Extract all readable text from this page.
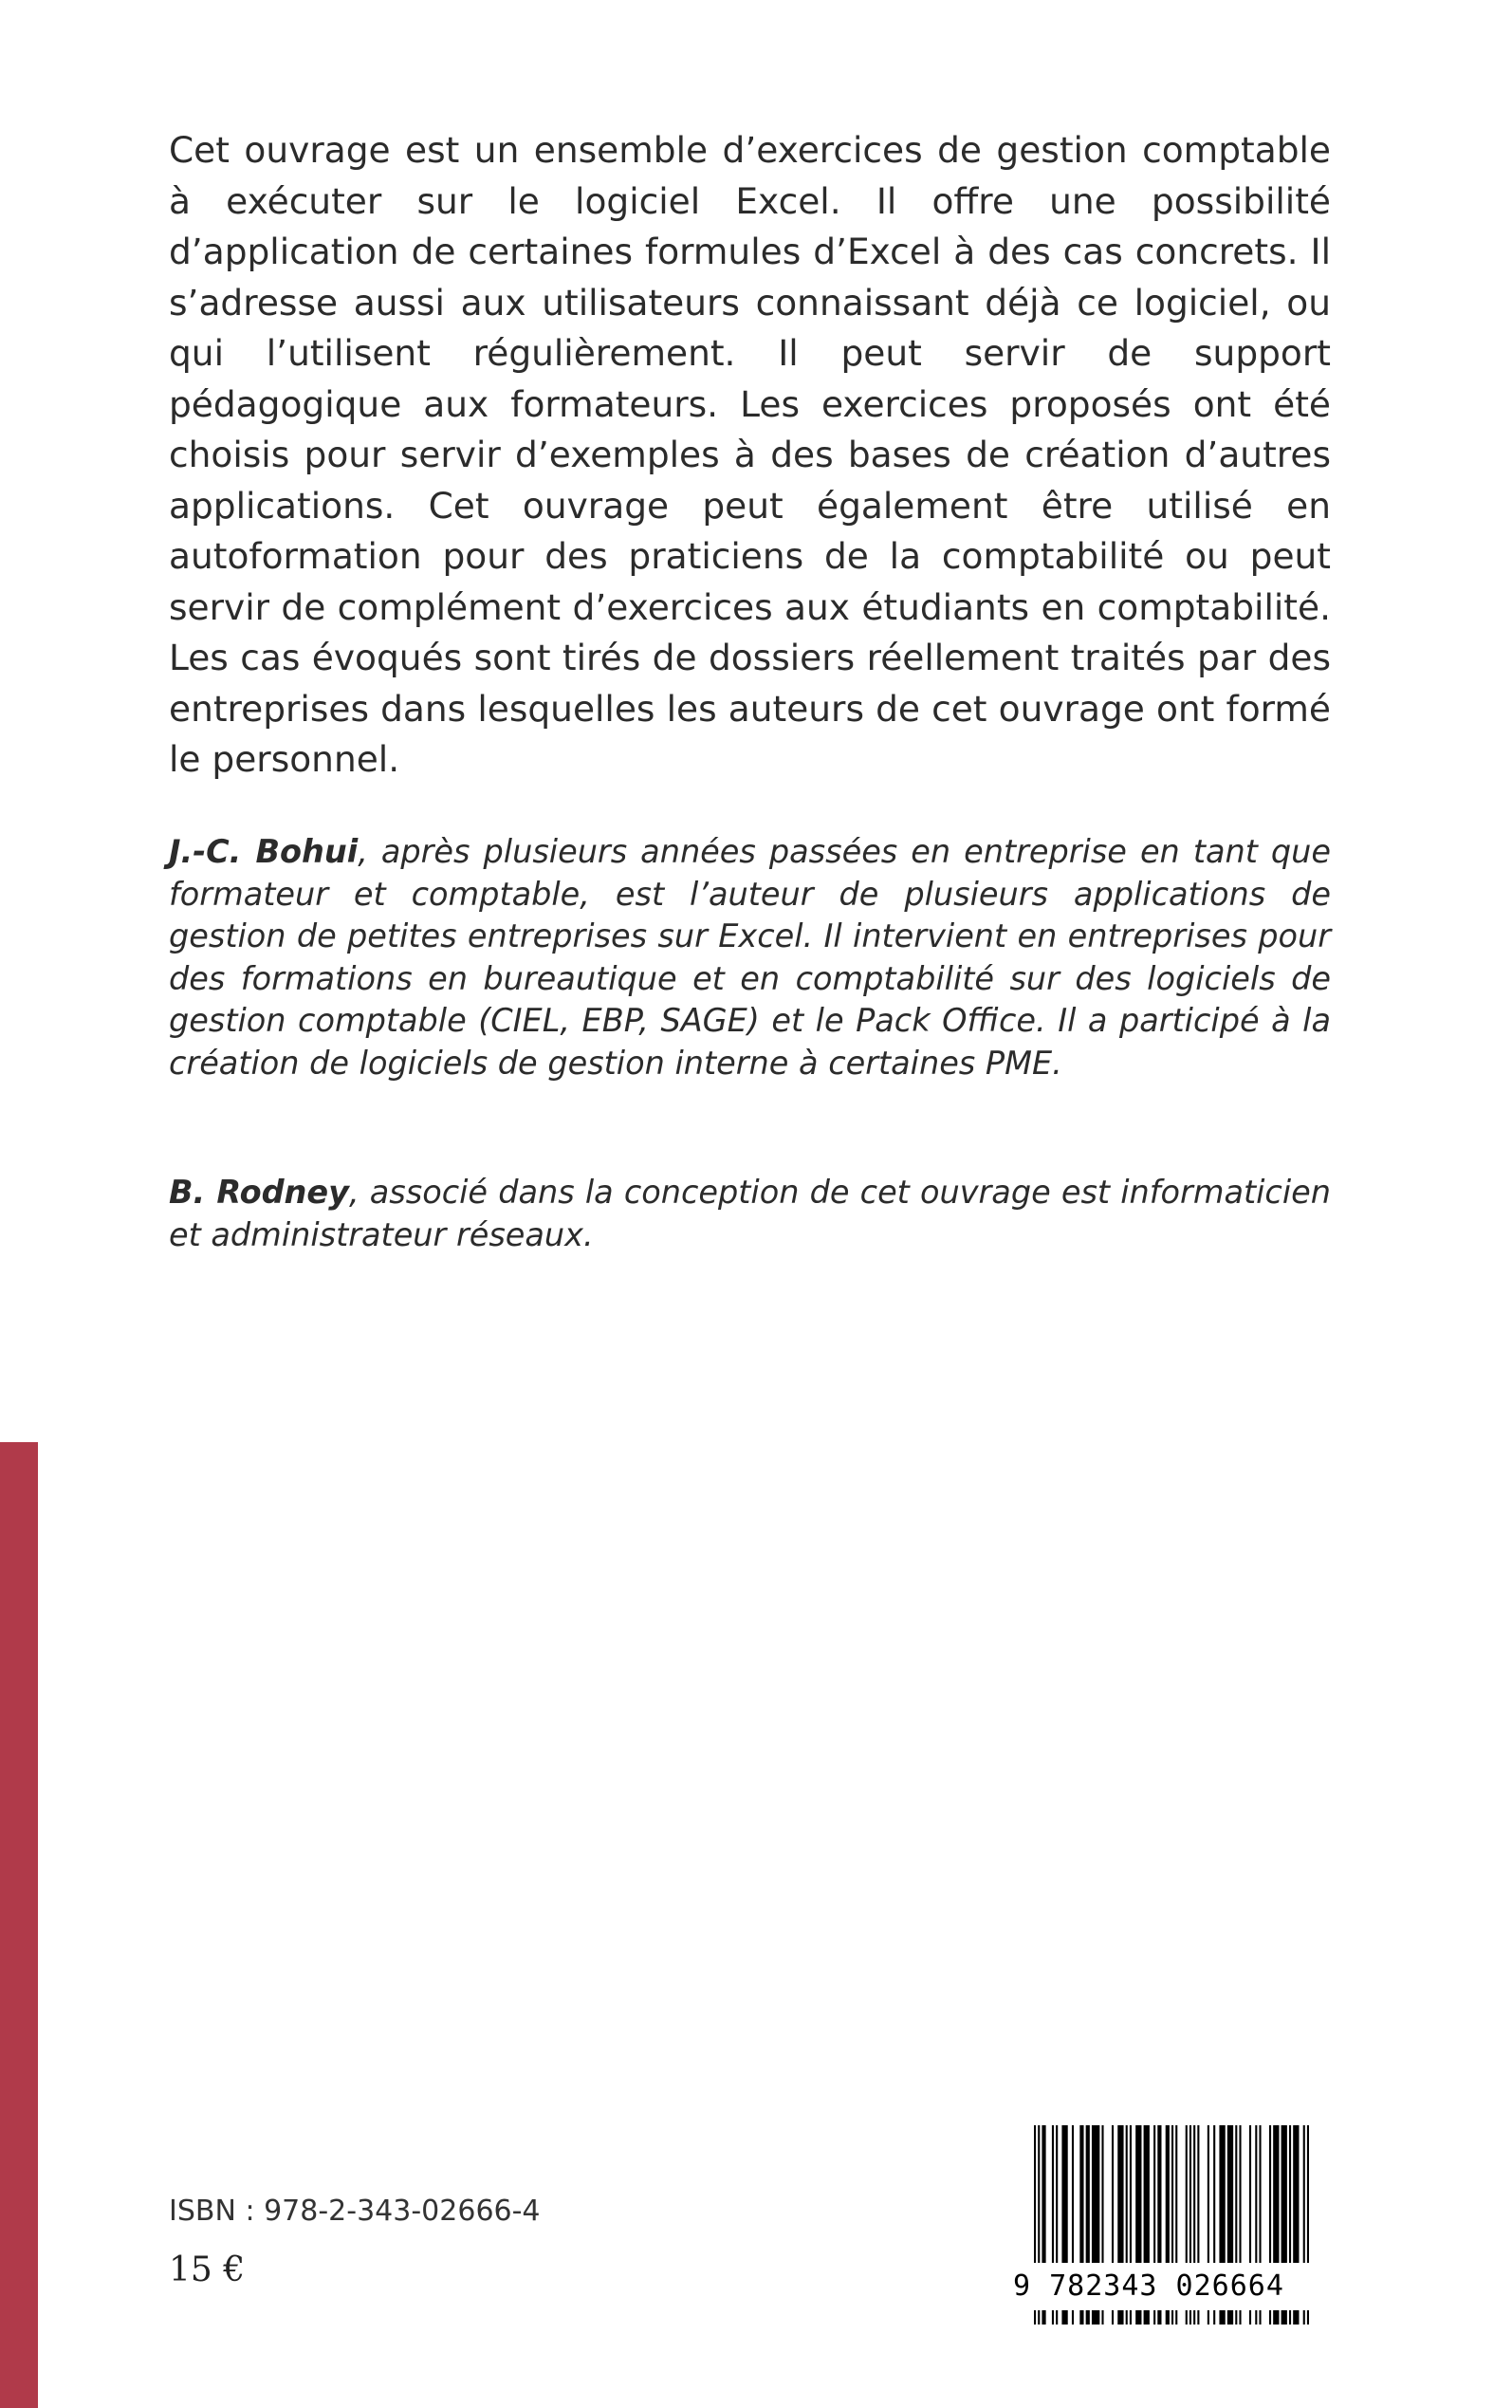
Cet ouvrage est un ensemble d’exercices de gestion comptable à exécuter sur le logiciel Excel. Il offre une possibilité d’application de certaines formules d’Excel à des cas concrets. Il s’adresse aussi aux utilisateurs connaissant déjà ce logiciel, ou qui l’utilisent régulièrement. Il peut servir de support pédagogique aux formateurs. Les exercices proposés ont été choisis pour servir d’exemples à des bases de création d’autres applications. Cet ouvrage peut également être utilisé en autoformation pour des praticiens de la comptabilité ou peut servir de complément d’exercices aux étudiants en comptabilité. Les cas évoqués sont tirés de dossiers réellement traités par des entreprises dans lesquelles les auteurs de cet ouvrage ont formé le personnel.

J.-C. Bohui, après plusieurs années passées en entreprise en tant que formateur et comptable, est l’auteur de plusieurs applications de gestion de petites entreprises sur Excel. Il intervient en entreprises pour des formations en bureautique et en comptabilité sur des logiciels de gestion comptable (CIEL, EBP, SAGE) et le Pack Office. Il a participé à la création de logiciels de gestion interne à certaines PME.

B. Rodney, associé dans la conception de cet ouvrage est informaticien et administrateur réseaux.

ISBN : 978-2-343-02666-4
15 €	9 782343 026664
